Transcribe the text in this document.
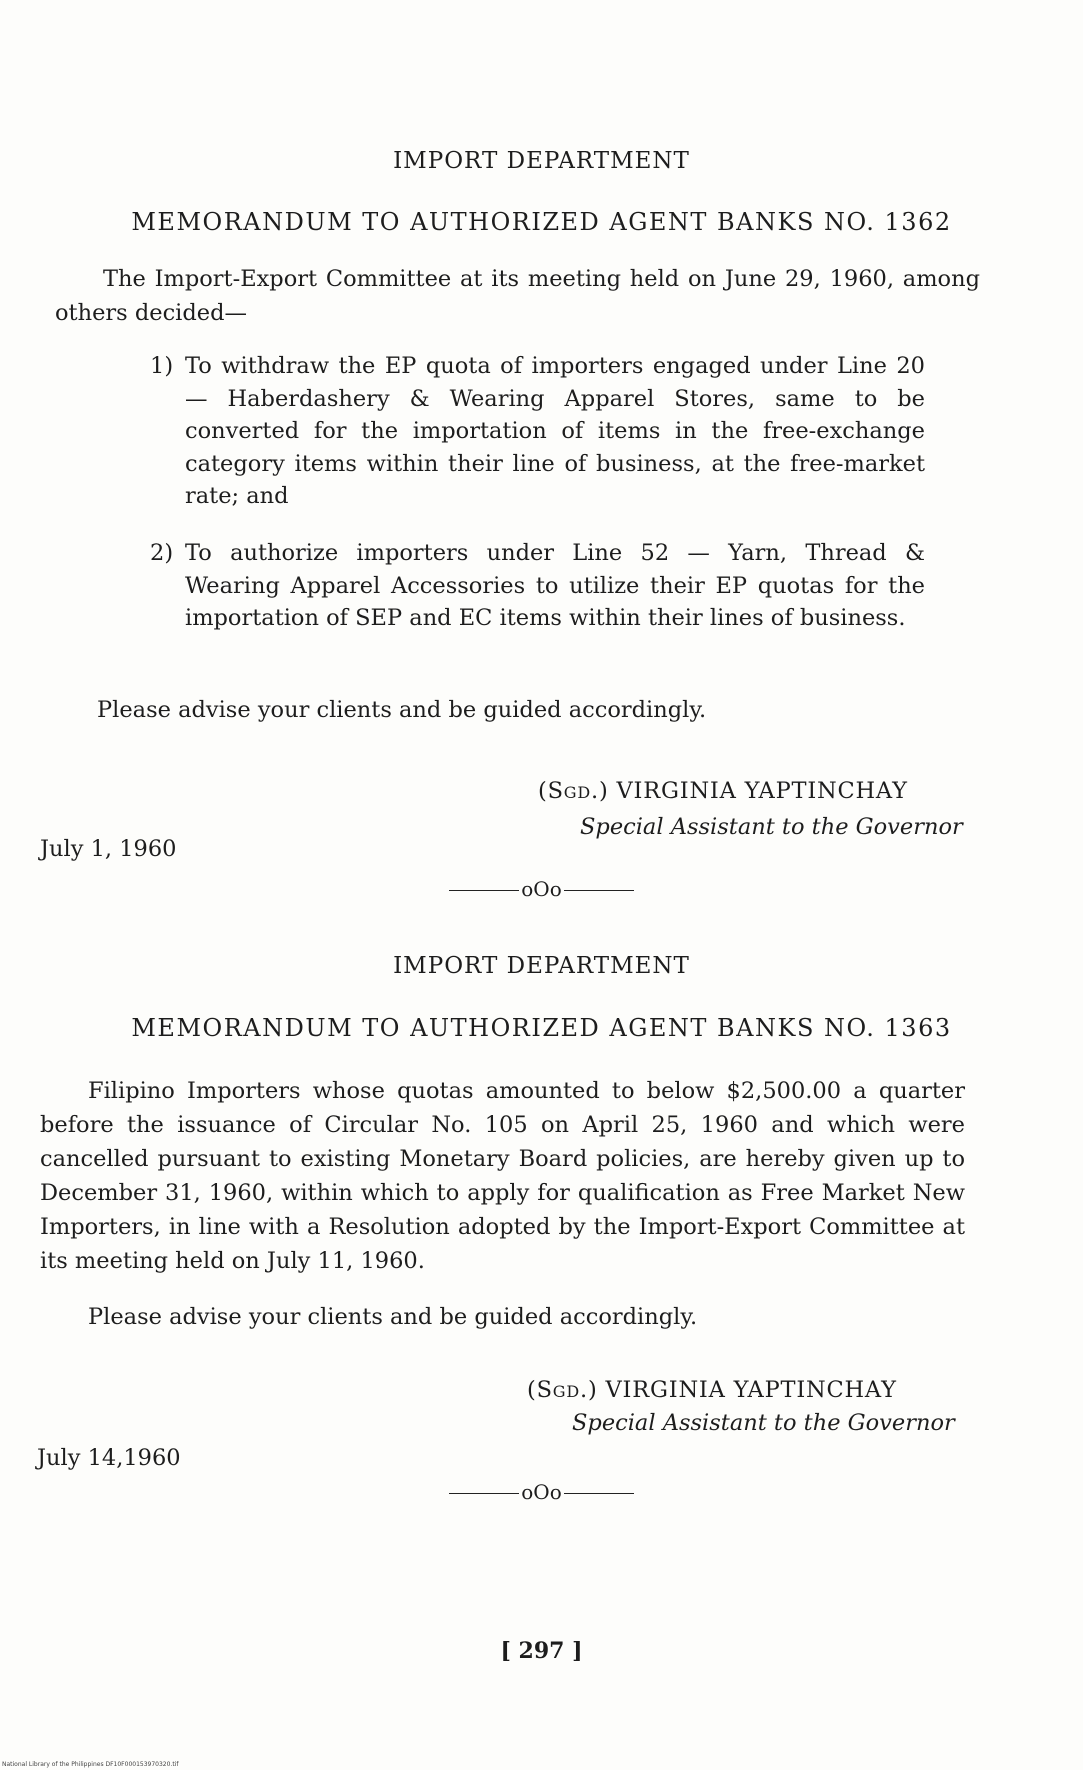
IMPORT DEPARTMENT
MEMORANDUM TO AUTHORIZED AGENT BANKS NO. 1362
The Import-Export Committee at its meeting held on June 29, 1960, among others decided—
1) To withdraw the EP quota of importers engaged under Line 20 — Haberdashery & Wearing Apparel Stores, same to be converted for the importation of items in the free-exchange category items within their line of business, at the free-market rate; and
2) To authorize importers under Line 52 — Yarn, Thread & Wearing Apparel Accessories to utilize their EP quotas for the importation of SEP and EC items within their lines of business.
Please advise your clients and be guided accordingly.
(Sgd.) VIRGINIA YAPTINCHAY
Special Assistant to the Governor
July 1, 1960
oOo
IMPORT DEPARTMENT
MEMORANDUM TO AUTHORIZED AGENT BANKS NO. 1363
Filipino Importers whose quotas amounted to below $2,500.00 a quarter before the issuance of Circular No. 105 on April 25, 1960 and which were cancelled pursuant to existing Monetary Board policies, are hereby given up to December 31, 1960, within which to apply for qualification as Free Market New Importers, in line with a Resolution adopted by the Import-Export Committee at its meeting held on July 11, 1960.
Please advise your clients and be guided accordingly.
(Sgd.) VIRGINIA YAPTINCHAY
Special Assistant to the Governor
July 14,1960
oOo
[ 297 ]
National Library of the Philippines DF10F000153970320.tif
